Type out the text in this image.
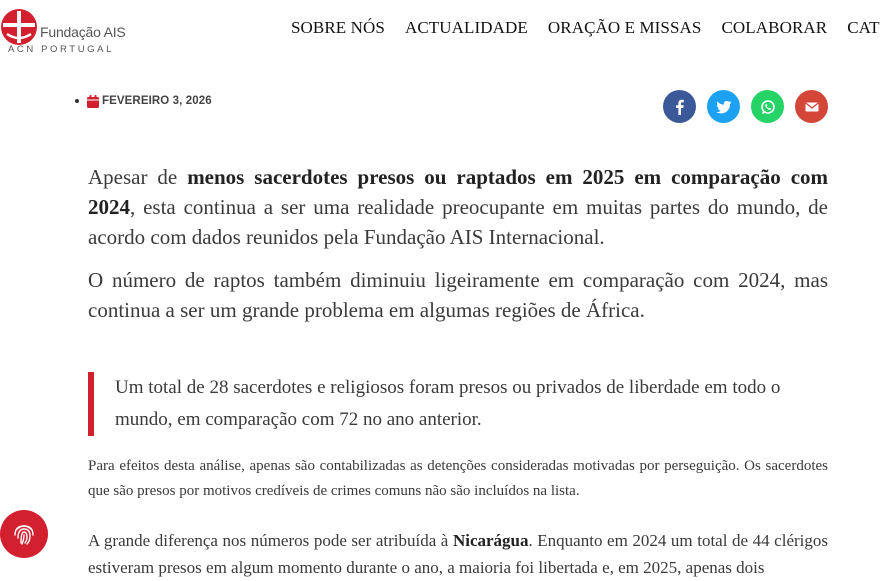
Fundação AIS
ACN PORTUGAL
SOBRE NÓS ACTUALIDADE ORAÇÃO E MISSAS COLABORAR CAT
FEVEREIRO 3, 2026

Apesar de menos sacerdotes presos ou raptados em 2025 em comparação com 2024, esta continua a ser uma realidade preocupante em muitas partes do mundo, de acordo com dados reunidos pela Fundação AIS Internacional.

O número de raptos também diminuiu ligeiramente em comparação com 2024, mas continua a ser um grande problema em algumas regiões de África.

Um total de 28 sacerdotes e religiosos foram presos ou privados de liberdade em todo o mundo, em comparação com 72 no ano anterior.

Para efeitos desta análise, apenas são contabilizadas as detenções consideradas motivadas por perseguição. Os sacerdotes que são presos por motivos credíveis de crimes comuns não são incluídos na lista.

A grande diferença nos números pode ser atribuída à Nicarágua. Enquanto em 2024 um total de 44 clérigos estiveram presos em algum momento durante o ano, a maioria foi libertada e, em 2025, apenas dois
